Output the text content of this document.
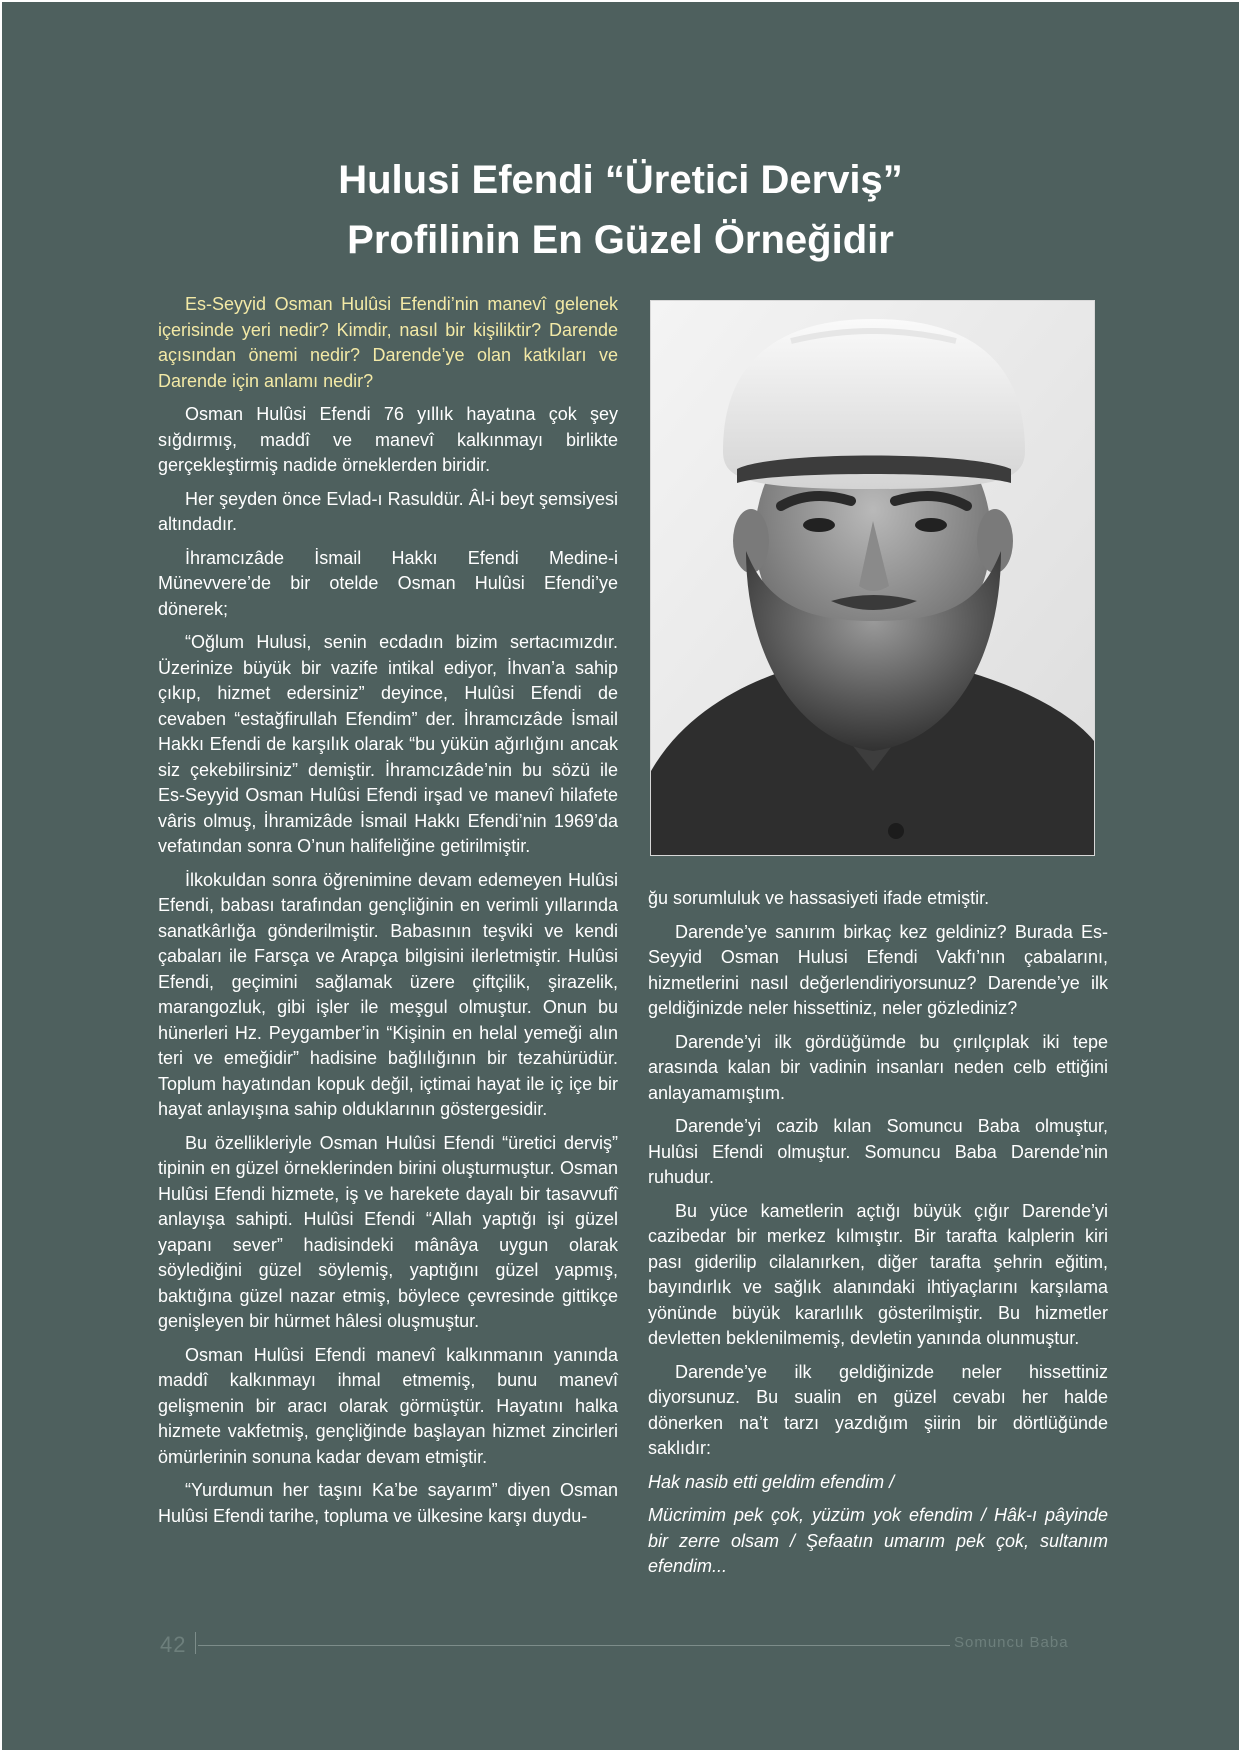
Hulusi Efendi “Üretici Derviş”
Profilinin En Güzel Örneğidir

Es-Seyyid Osman Hulûsi Efendi’nin manevî gelenek içerisinde yeri nedir? Kimdir, nasıl bir kişiliktir? Darende açısından önemi nedir? Darende’ye olan katkıları ve Darende için anlamı nedir?

Osman Hulûsi Efendi 76 yıllık hayatına çok şey sığdırmış, maddî ve manevî kalkınmayı birlikte gerçekleştirmiş nadide örneklerden biridir.

Her şeyden önce Evlad-ı Rasuldür. Âl-i beyt şemsiyesi altındadır.

İhramcızâde İsmail Hakkı Efendi Medine-i Münevvere’de bir otelde Osman Hulûsi Efendi’ye dönerek;

“Oğlum Hulusi, senin ecdadın bizim sertacımızdır. Üzerinize büyük bir vazife intikal ediyor, İhvan’a sahip çıkıp, hizmet edersiniz” deyince, Hulûsi Efendi de cevaben “estağfirullah Efendim” der. İhramcızâde İsmail Hakkı Efendi de karşılık olarak “bu yükün ağırlığını ancak siz çekebilirsiniz” demiştir. İhramcızâde’nin bu sözü ile Es-Seyyid Osman Hulûsi Efendi irşad ve manevî hilafete vâris olmuş, İhramizâde İsmail Hakkı Efendi’nin 1969’da vefatından sonra O’nun halifeliğine getirilmiştir.

İlkokuldan sonra öğrenimine devam edemeyen Hulûsi Efendi, babası tarafından gençliğinin en verimli yıllarında sanatkârlığa gönderilmiştir. Babasının teşviki ve kendi çabaları ile Farsça ve Arapça bilgisini ilerletmiştir. Hulûsi Efendi, geçimini sağlamak üzere çiftçilik, şirazelik, marangozluk, gibi işler ile meşgul olmuştur. Onun bu hünerleri Hz. Peygamber’in “Kişinin en helal yemeği alın teri ve emeğidir” hadisine bağlılığının bir tezahürüdür. Toplum hayatından kopuk değil, içtimai hayat ile iç içe bir hayat anlayışına sahip olduklarının göstergesidir.

Bu özellikleriyle Osman Hulûsi Efendi “üretici derviş” tipinin en güzel örneklerinden birini oluşturmuştur. Osman Hulûsi Efendi hizmete, iş ve harekete dayalı bir tasavvufî anlayışa sahipti. Hulûsi Efendi “Allah yaptığı işi güzel yapanı sever” hadisindeki mânâya uygun olarak söylediğini güzel söylemiş, yaptığını güzel yapmış, baktığına güzel nazar etmiş, böylece çevresinde gittikçe genişleyen bir hürmet hâlesi oluşmuştur.

Osman Hulûsi Efendi manevî kalkınmanın yanında maddî kalkınmayı ihmal etmemiş, bunu manevî gelişmenin bir aracı olarak görmüştür. Hayatını halka hizmete vakfetmiş, gençliğinde başlayan hizmet zincirleri ömürlerinin sonuna kadar devam etmiştir.

“Yurdumun her taşını Ka’be sayarım” diyen Osman Hulûsi Efendi tarihe, topluma ve ülkesine karşı duydu-

ğu sorumluluk ve hassasiyeti ifade etmiştir.

Darende’ye sanırım birkaç kez geldiniz? Burada Es-Seyyid Osman Hulusi Efendi Vakfı’nın çabalarını, hizmetlerini nasıl değerlendiriyorsunuz? Darende’ye ilk geldiğinizde neler hissettiniz, neler gözlediniz?

Darende’yi ilk gördüğümde bu çırılçıplak iki tepe arasında kalan bir vadinin insanları neden celb ettiğini anlayamamıştım.

Darende’yi cazib kılan Somuncu Baba olmuştur, Hulûsi Efendi olmuştur. Somuncu Baba Darende’nin ruhudur.

Bu yüce kametlerin açtığı büyük çığır Darende’yi cazibedar bir merkez kılmıştır. Bir tarafta kalplerin kiri pası giderilip cilalanırken, diğer tarafta şehrin eğitim, bayındırlık ve sağlık alanındaki ihtiyaçlarını karşılama yönünde büyük kararlılık gösterilmiştir. Bu hizmetler devletten beklenilmemiş, devletin yanında olunmuştur.

Darende’ye ilk geldiğinizde neler hissettiniz diyorsunuz. Bu sualin en güzel cevabı her halde dönerken na’t tarzı yazdığım şiirin bir dörtlüğünde saklıdır:

Hak nasib etti geldim efendim /

Mücrimim pek çok, yüzüm yok efendim / Hâk-ı pâyinde bir zerre olsam / Şefaatın umarım pek çok, sultanım efendim...

42	Somuncu Baba
